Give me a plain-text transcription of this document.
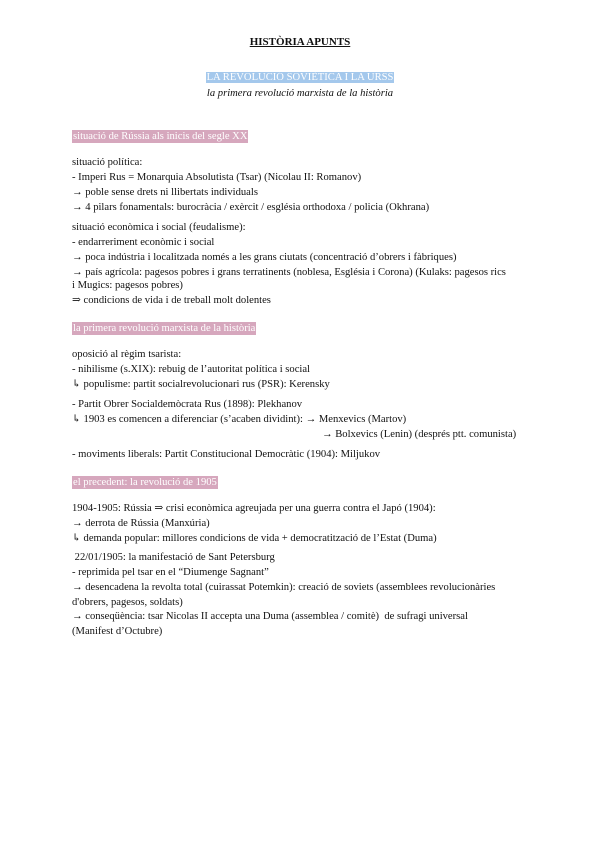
HISTÒRIA APUNTS
LA REVOLUCIÓ SOVIÈTICA I LA URSS
la primera revolució marxista de la història
situació de Rússia als inicis del segle XX
situació política:
- Imperi Rus = Monarquia Absolutista (Tsar) (Nicolau II: Romanov)
→ poble sense drets ni llibertats individuals
→ 4 pilars fonamentals: burocràcia / exèrcit / església orthodoxa / policia (Okhrana)
situació econòmica i social (feudalisme):
- endarreriment econòmic i social
→ poca indústria i localitzada només a les grans ciutats (concentració d’obrers i fàbriques)
→ país agrícola: pagesos pobres i grans terratinents (noblesa, Església i Corona) (Kulaks: pagesos rics
i Mugics: pagesos pobres)
⇒ condicions de vida i de treball molt dolentes
la primera revolució marxista de la història
oposició al règim tsarista:
- nihilisme (s.XIX): rebuig de l’autoritat política i social
↳ populisme: partit socialrevolucionari rus (PSR): Kerensky
- Partit Obrer Socialdemòcrata Rus (1898): Plekhanov
↳ 1903 es comencen a diferenciar (s’acaben dividint): → Menxevics (Martov)
→ Bolxevics (Lenin) (després ptt. comunista)
- moviments liberals: Partit Constitucional Democràtic (1904): Miljukov
el precedent: la revolució de 1905
1904-1905: Rússia ⇒ crisi econòmica agreujada per una guerra contra el Japó (1904):
→ derrota de Rússia (Manxúria)
↳ demanda popular: millores condicions de vida + democratització de l’Estat (Duma)
22/01/1905: la manifestació de Sant Petersburg
- reprimida pel tsar en el “Diumenge Sagnant”
→ desencadena la revolta total (cuirassat Potemkin): creació de soviets (assemblees revolucionàries
d'obrers, pagesos, soldats)
→ conseqüència: tsar Nicolas II accepta una Duma (assemblea / comitè)  de sufragi universal
(Manifest d’Octubre)
